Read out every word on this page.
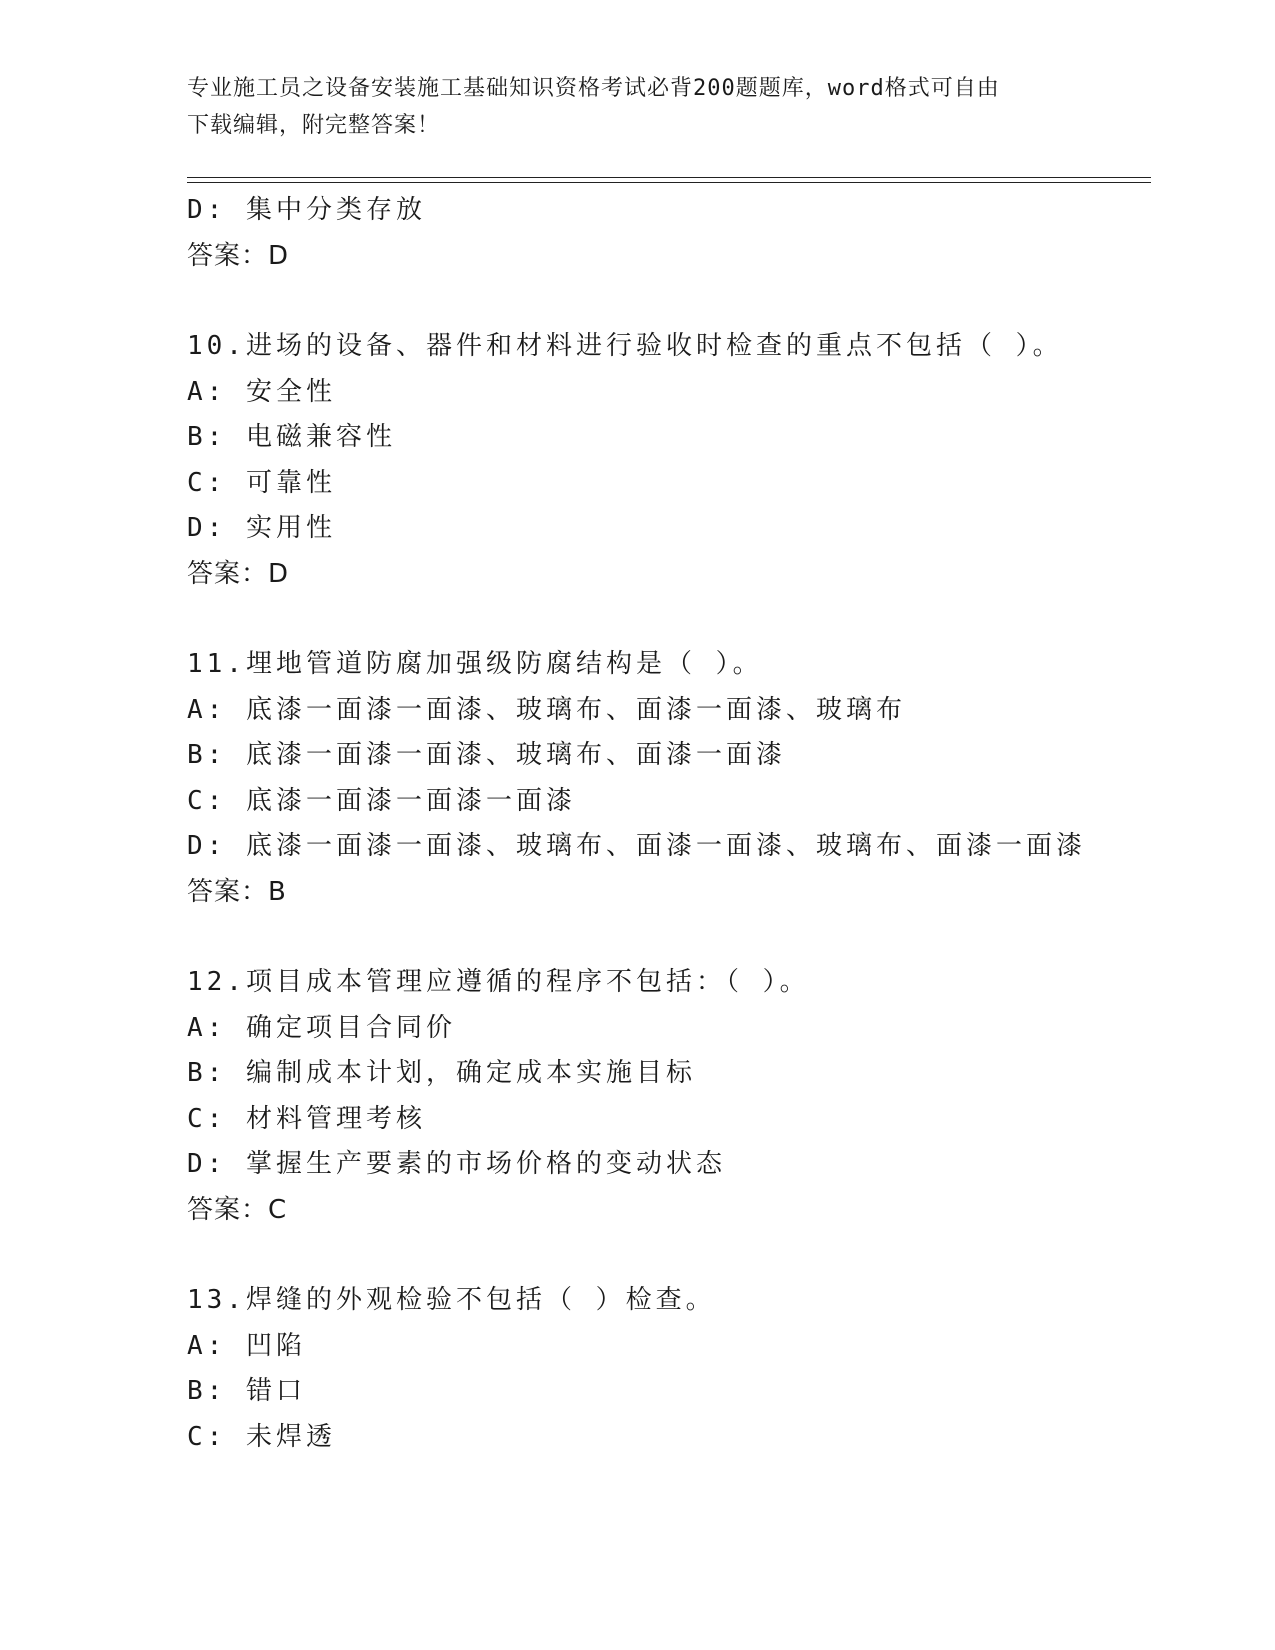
专业施工员之设备安装施工基础知识资格考试必背200题题库，word格式可自由
下载编辑，附完整答案！
D: 集中分类存放
答案：D
10.进场的设备、器件和材料进行验收时检查的重点不包括（ ）。
A: 安全性
B: 电磁兼容性
C: 可靠性
D: 实用性
答案：D
11.埋地管道防腐加强级防腐结构是（ ）。
A: 底漆一面漆一面漆、玻璃布、面漆一面漆、玻璃布
B: 底漆一面漆一面漆、玻璃布、面漆一面漆
C: 底漆一面漆一面漆一面漆
D: 底漆一面漆一面漆、玻璃布、面漆一面漆、玻璃布、面漆一面漆
答案：B
12.项目成本管理应遵循的程序不包括：（ ）。
A: 确定项目合同价
B: 编制成本计划，确定成本实施目标
C: 材料管理考核
D: 掌握生产要素的市场价格的变动状态
答案：C
13.焊缝的外观检验不包括（ ）检查。
A: 凹陷
B: 错口
C: 未焊透
